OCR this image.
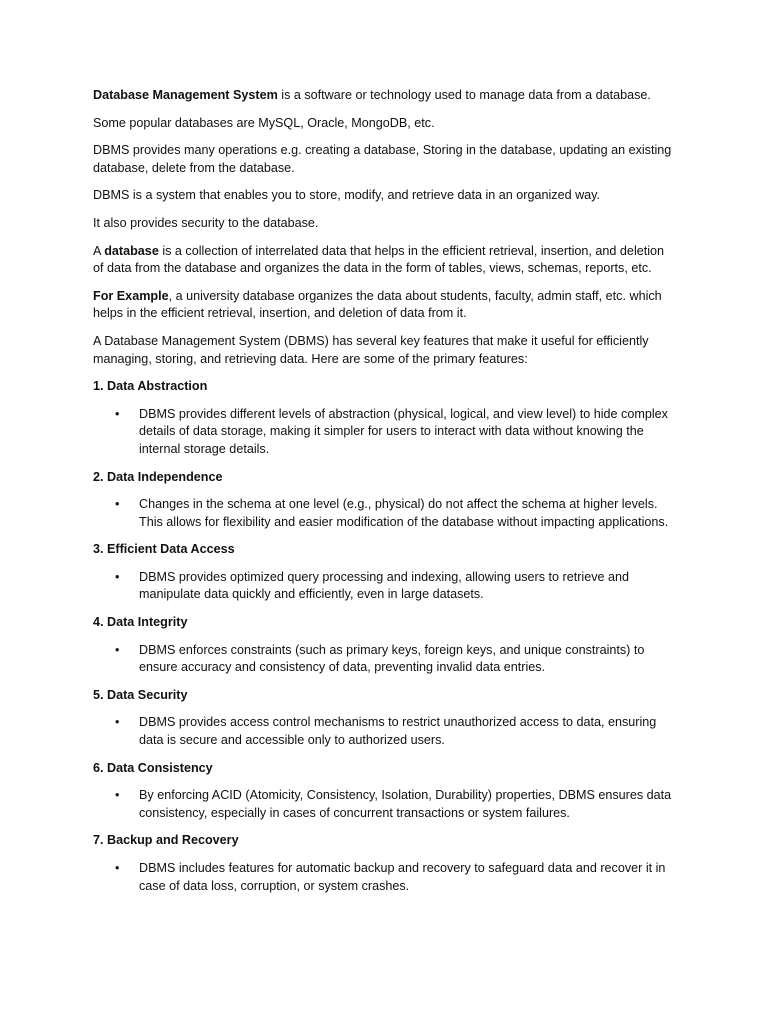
Database Management System is a software or technology used to manage data from a database.

Some popular databases are MySQL, Oracle, MongoDB, etc.

DBMS provides many operations e.g. creating a database, Storing in the database, updating an existing database, delete from the database.

DBMS is a system that enables you to store, modify, and retrieve data in an organized way.

It also provides security to the database.

A database is a collection of interrelated data that helps in the efficient retrieval, insertion, and deletion of data from the database and organizes the data in the form of tables, views, schemas, reports, etc.

For Example, a university database organizes the data about students, faculty, admin staff, etc. which helps in the efficient retrieval, insertion, and deletion of data from it.

A Database Management System (DBMS) has several key features that make it useful for efficiently managing, storing, and retrieving data. Here are some of the primary features:

1. Data Abstraction
• DBMS provides different levels of abstraction (physical, logical, and view level) to hide complex details of data storage, making it simpler for users to interact with data without knowing the internal storage details.
2. Data Independence
• Changes in the schema at one level (e.g., physical) do not affect the schema at higher levels. This allows for flexibility and easier modification of the database without impacting applications.
3. Efficient Data Access
• DBMS provides optimized query processing and indexing, allowing users to retrieve and manipulate data quickly and efficiently, even in large datasets.
4. Data Integrity
• DBMS enforces constraints (such as primary keys, foreign keys, and unique constraints) to ensure accuracy and consistency of data, preventing invalid data entries.
5. Data Security
• DBMS provides access control mechanisms to restrict unauthorized access to data, ensuring data is secure and accessible only to authorized users.
6. Data Consistency
• By enforcing ACID (Atomicity, Consistency, Isolation, Durability) properties, DBMS ensures data consistency, especially in cases of concurrent transactions or system failures.
7. Backup and Recovery
• DBMS includes features for automatic backup and recovery to safeguard data and recover it in case of data loss, corruption, or system crashes.
